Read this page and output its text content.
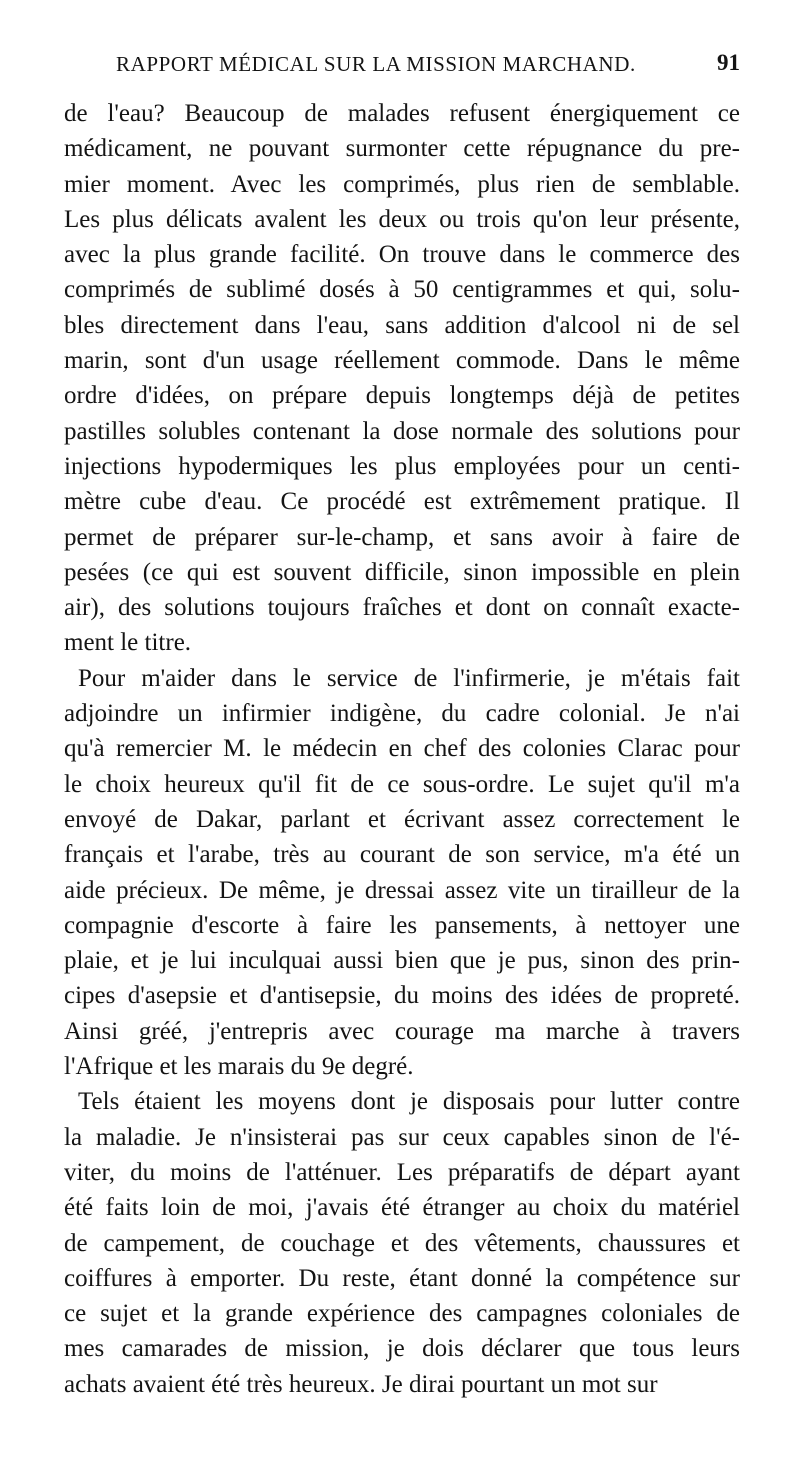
RAPPORT MÉDICAL SUR LA MISSION MARCHAND.	91
de l'eau? Beaucoup de malades refusent énergiquement ce
médicament, ne pouvant surmonter cette répugnance du pre-
mier moment. Avec les comprimés, plus rien de semblable.
Les plus délicats avalent les deux ou trois qu'on leur présente,
avec la plus grande facilité. On trouve dans le commerce des
comprimés de sublimé dosés à 50 centigrammes et qui, solu-
bles directement dans l'eau, sans addition d'alcool ni de sel
marin, sont d'un usage réellement commode. Dans le même
ordre d'idées, on prépare depuis longtemps déjà de petites
pastilles solubles contenant la dose normale des solutions pour
injections hypodermiques les plus employées pour un centi-
mètre cube d'eau. Ce procédé est extrêmement pratique. Il
permet de préparer sur-le-champ, et sans avoir à faire de
pesées (ce qui est souvent difficile, sinon impossible en plein
air), des solutions toujours fraîches et dont on connaît exacte-
ment le titre.
Pour m'aider dans le service de l'infirmerie, je m'étais fait
adjoindre un infirmier indigène, du cadre colonial. Je n'ai
qu'à remercier M. le médecin en chef des colonies Clarac pour
le choix heureux qu'il fit de ce sous-ordre. Le sujet qu'il m'a
envoyé de Dakar, parlant et écrivant assez correctement le
français et l'arabe, très au courant de son service, m'a été un
aide précieux. De même, je dressai assez vite un tirailleur de la
compagnie d'escorte à faire les pansements, à nettoyer une
plaie, et je lui inculquai aussi bien que je pus, sinon des prin-
cipes d'asepsie et d'antisepsie, du moins des idées de propreté.
Ainsi gréé, j'entrepris avec courage ma marche à travers
l'Afrique et les marais du 9e degré.
Tels étaient les moyens dont je disposais pour lutter contre
la maladie. Je n'insisterai pas sur ceux capables sinon de l'é-
viter, du moins de l'atténuer. Les préparatifs de départ ayant
été faits loin de moi, j'avais été étranger au choix du matériel
de campement, de couchage et des vêtements, chaussures et
coiffures à emporter. Du reste, étant donné la compétence sur
ce sujet et la grande expérience des campagnes coloniales de
mes camarades de mission, je dois déclarer que tous leurs
achats avaient été très heureux. Je dirai pourtant un mot sur
